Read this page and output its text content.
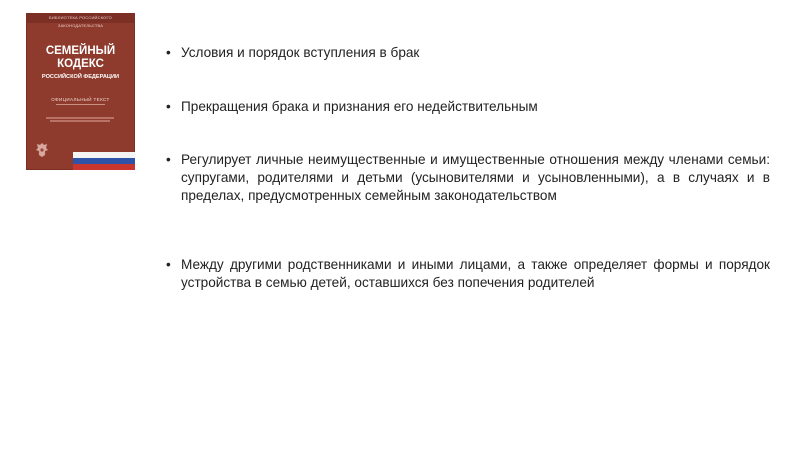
БИБЛИОТЕКА РОССИЙСКОГО ЗАКОНОДАТЕЛЬСТВА
СЕМЕЙНЫЙ
КОДЕКС
РОССИЙСКОЙ ФЕДЕРАЦИИ
ОФИЦИАЛЬНЫЙ ТЕКСТ
• Условия и порядок вступления в брак
• Прекращения брака и признания его недействительным
• Регулирует личные неимущественные и имущественные отношения между членами семьи: супругами, родителями и детьми (усыновителями и усыновленными), а в случаях и в пределах, предусмотренных семейным законодательством
• Между другими родственниками и иными лицами, а также определяет формы и порядок устройства в семью детей, оставшихся без попечения родителей
